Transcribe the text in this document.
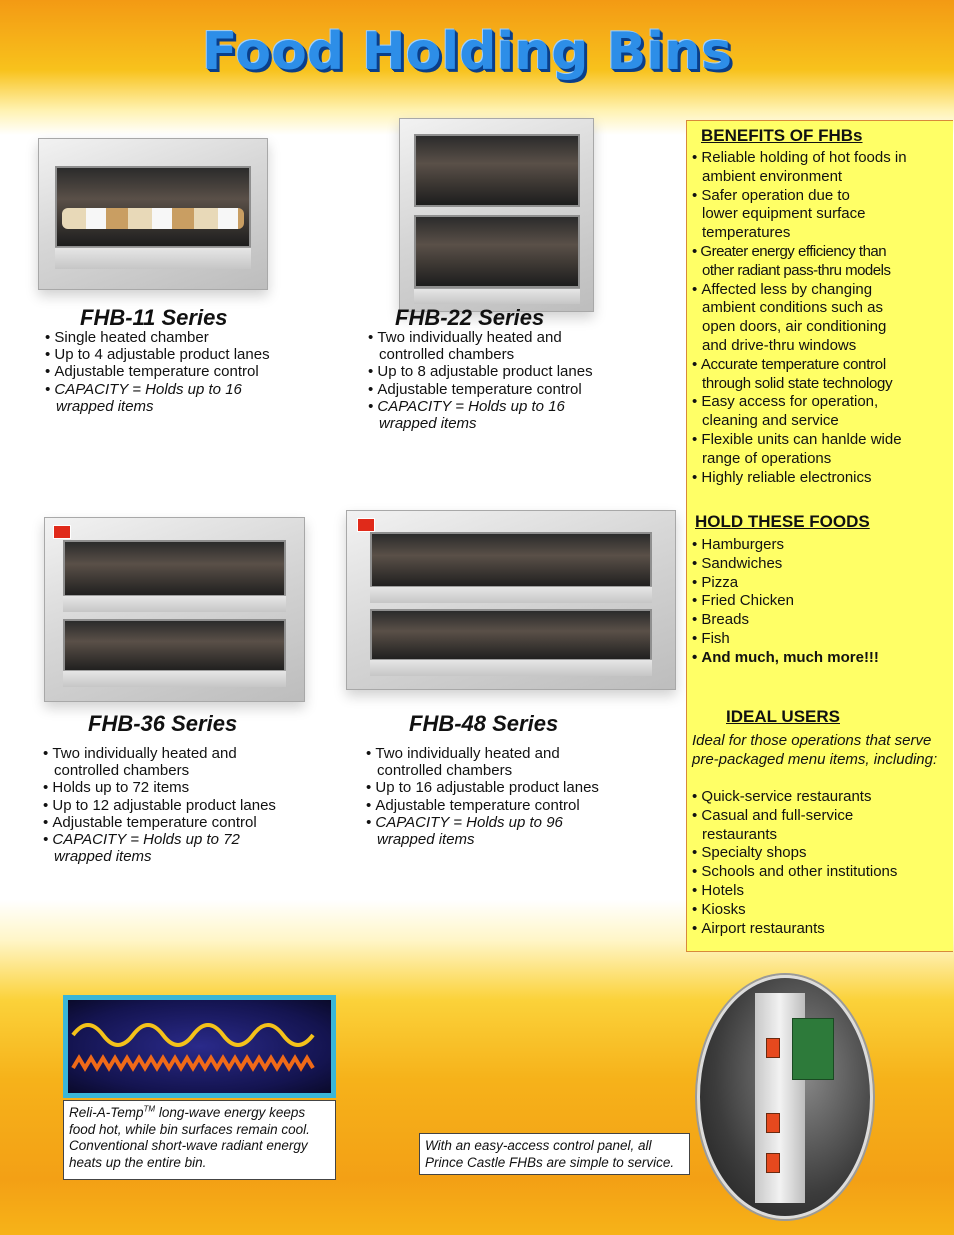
Food Holding Bins
FHB-11 Series
• Single heated chamber
• Up to 4 adjustable product lanes
• Adjustable temperature control
• CAPACITY = Holds up to 16 wrapped items
FHB-22 Series
• Two individually heated and controlled chambers
• Up to 8 adjustable product lanes
• Adjustable temperature control
• CAPACITY = Holds up to 16 wrapped items
FHB-36 Series
• Two individually heated and controlled chambers
• Holds up to 72 items
• Up to 12 adjustable product lanes
• Adjustable temperature control
• CAPACITY = Holds up to 72 wrapped items
FHB-48 Series
• Two individually heated and controlled chambers
• Up to 16 adjustable product lanes
• Adjustable temperature control
• CAPACITY = Holds up to 96 wrapped items
BENEFITS OF FHBs
• Reliable holding of hot foods in ambient environment
• Safer operation due to lower equipment surface temperatures
• Greater energy efficiency than other radiant pass-thru models
• Affected less by changing ambient conditions such as open doors, air conditioning and drive-thru windows
• Accurate temperature control through solid state technology
• Easy access for operation, cleaning and service
• Flexible units can hanlde wide range of operations
• Highly reliable electronics
HOLD THESE FOODS
• Hamburgers
• Sandwiches
• Pizza
• Fried Chicken
• Breads
• Fish
• And much, much more!!!
IDEAL USERS
Ideal for those operations that serve pre-packaged menu items, including:
• Quick-service restaurants
• Casual and full-service restaurants
• Specialty shops
• Schools and other institutions
• Hotels
• Kiosks
• Airport restaurants
Reli-A-Temp™ long-wave energy keeps food hot, while bin surfaces remain cool. Conventional short-wave radiant energy heats up the entire bin.
With an easy-access control panel, all Prince Castle FHBs are simple to service.
